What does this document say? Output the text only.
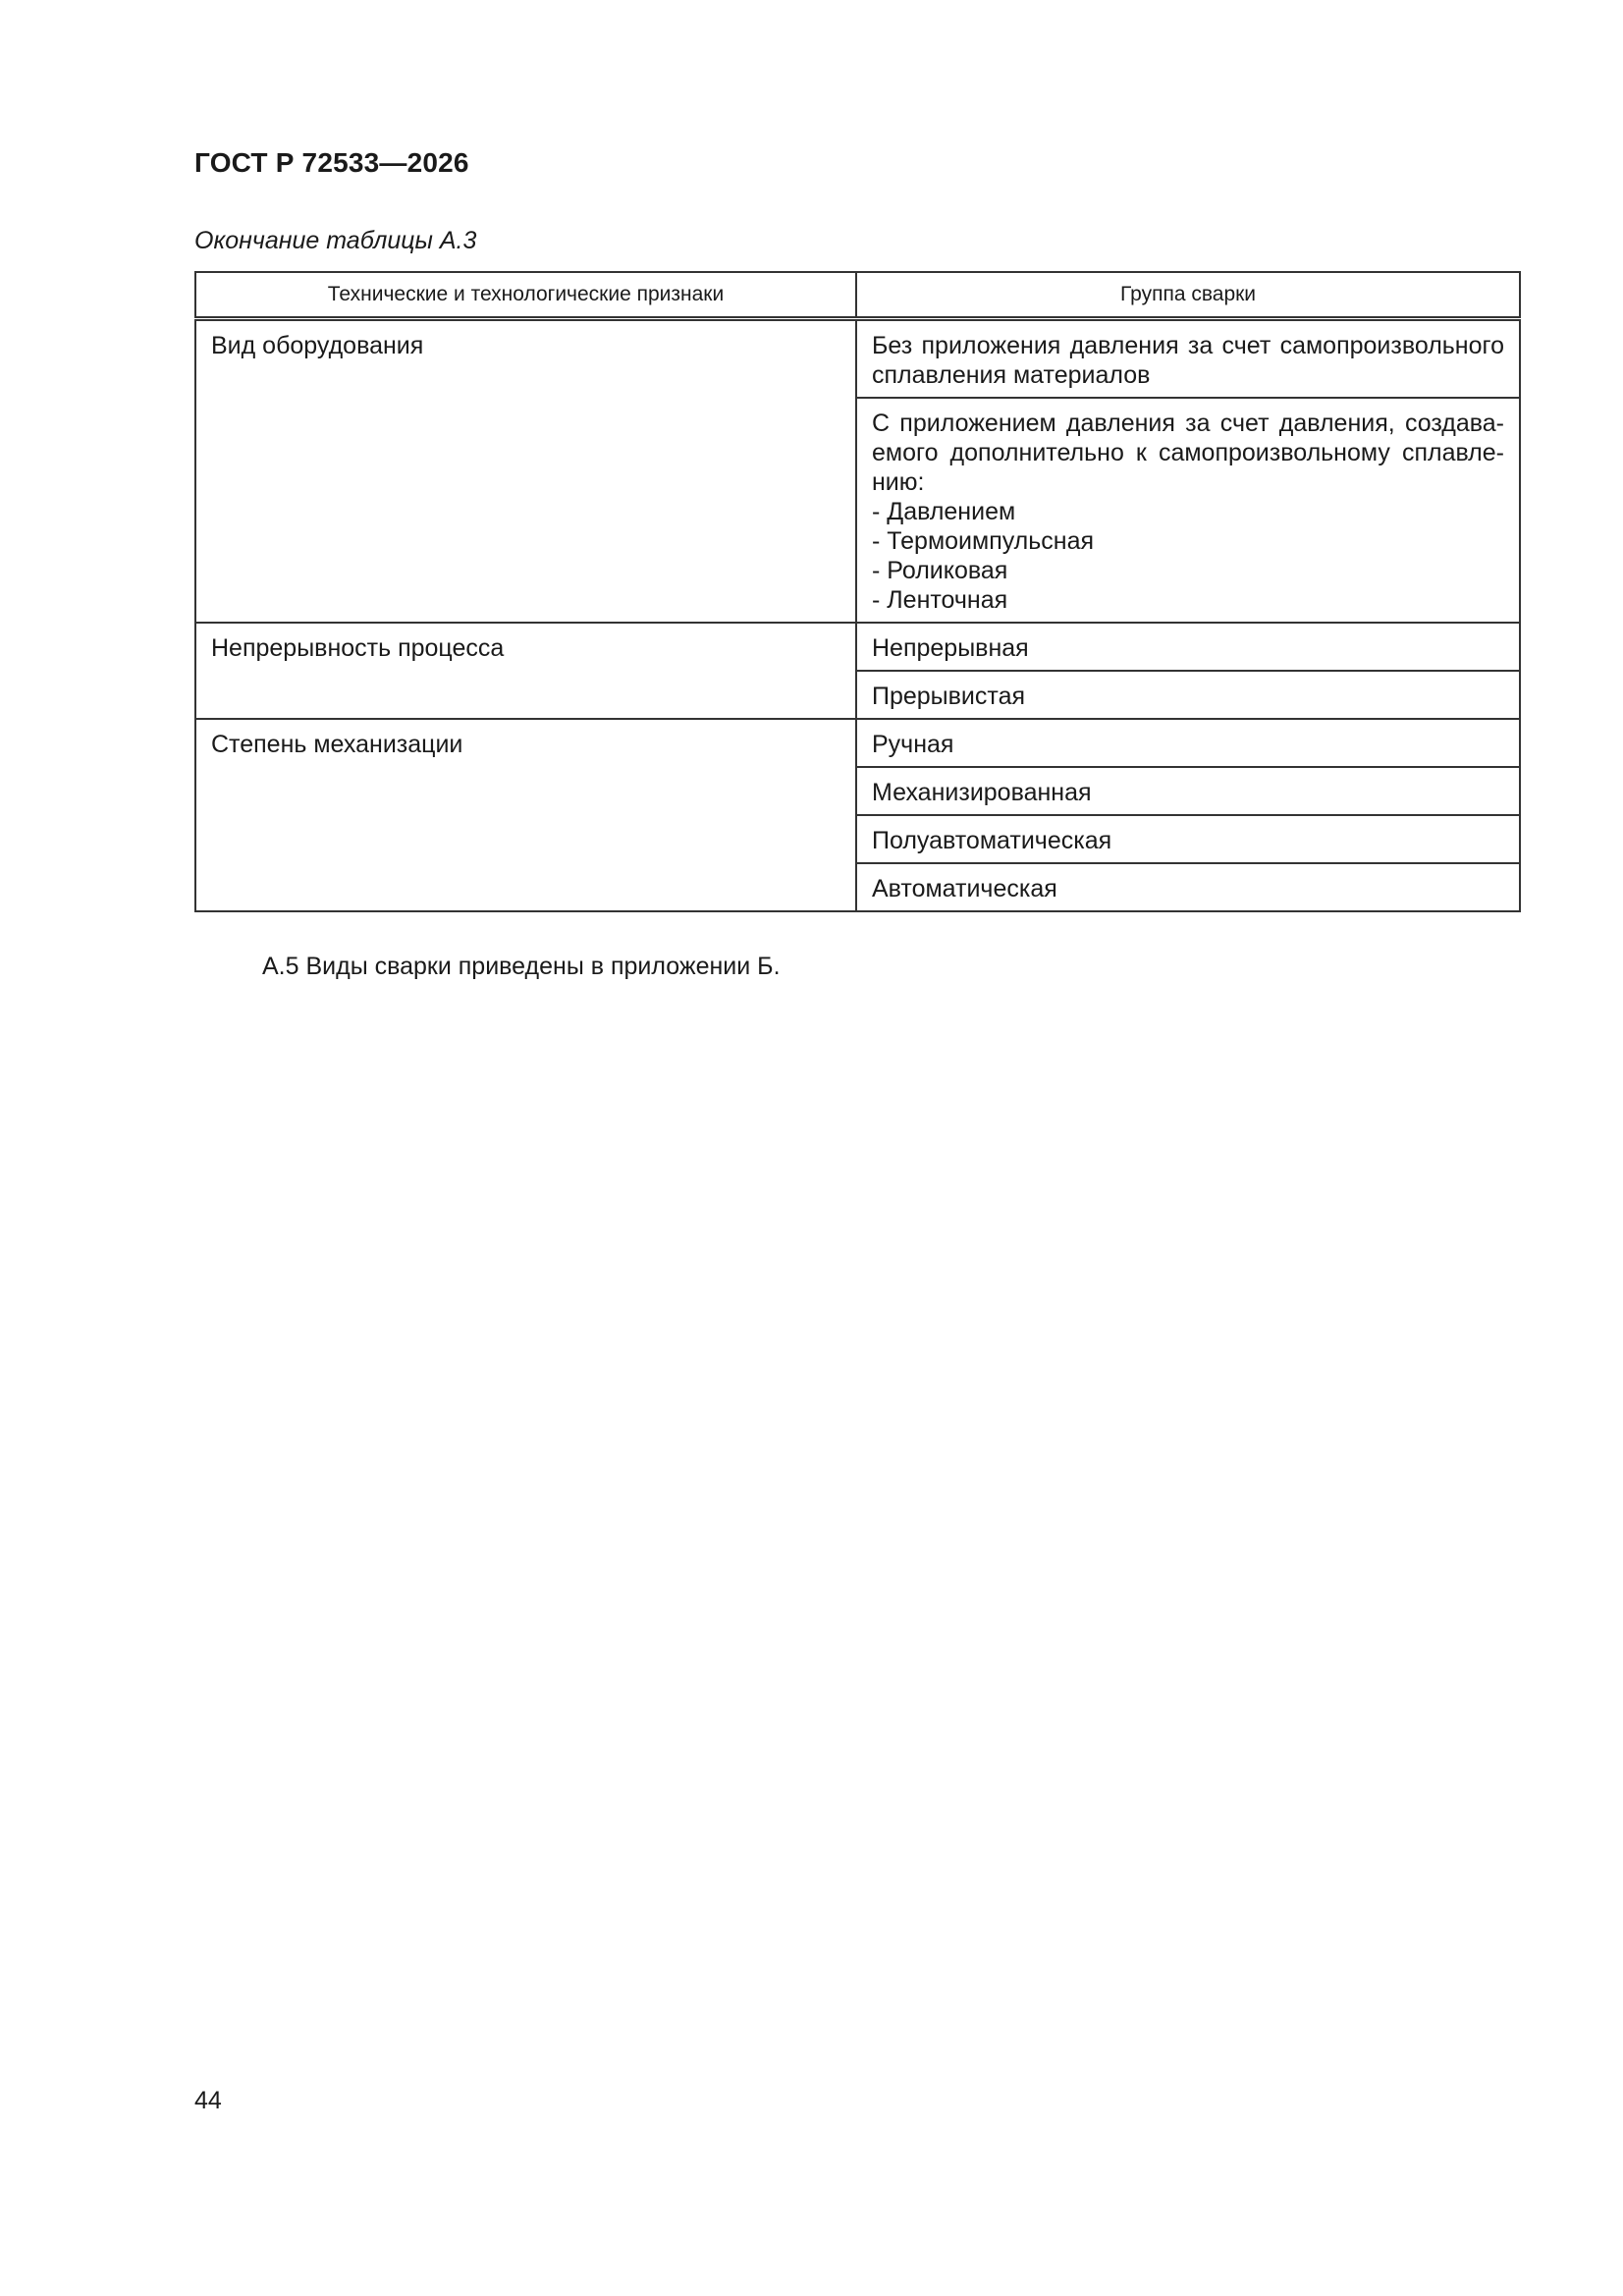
ГОСТ Р 72533—2026
Окончание таблицы А.3
Технические и технологические признаки	Группа сварки
Вид оборудования	Без приложения давления за счет самопроизвольного сплавления материалов

	С приложением давления за счет давления, создава-емого дополнительно к самопроизвольному сплавле-нию:
- Давлением
- Термоимпульсная
- Роликовая
- Ленточная

Непрерывность процесса	Непрерывная
	Прерывистая
Степень механизации	Ручная
	Механизированная
	Полуавтоматическая
	Автоматическая
А.5 Виды сварки приведены в приложении Б.
44
